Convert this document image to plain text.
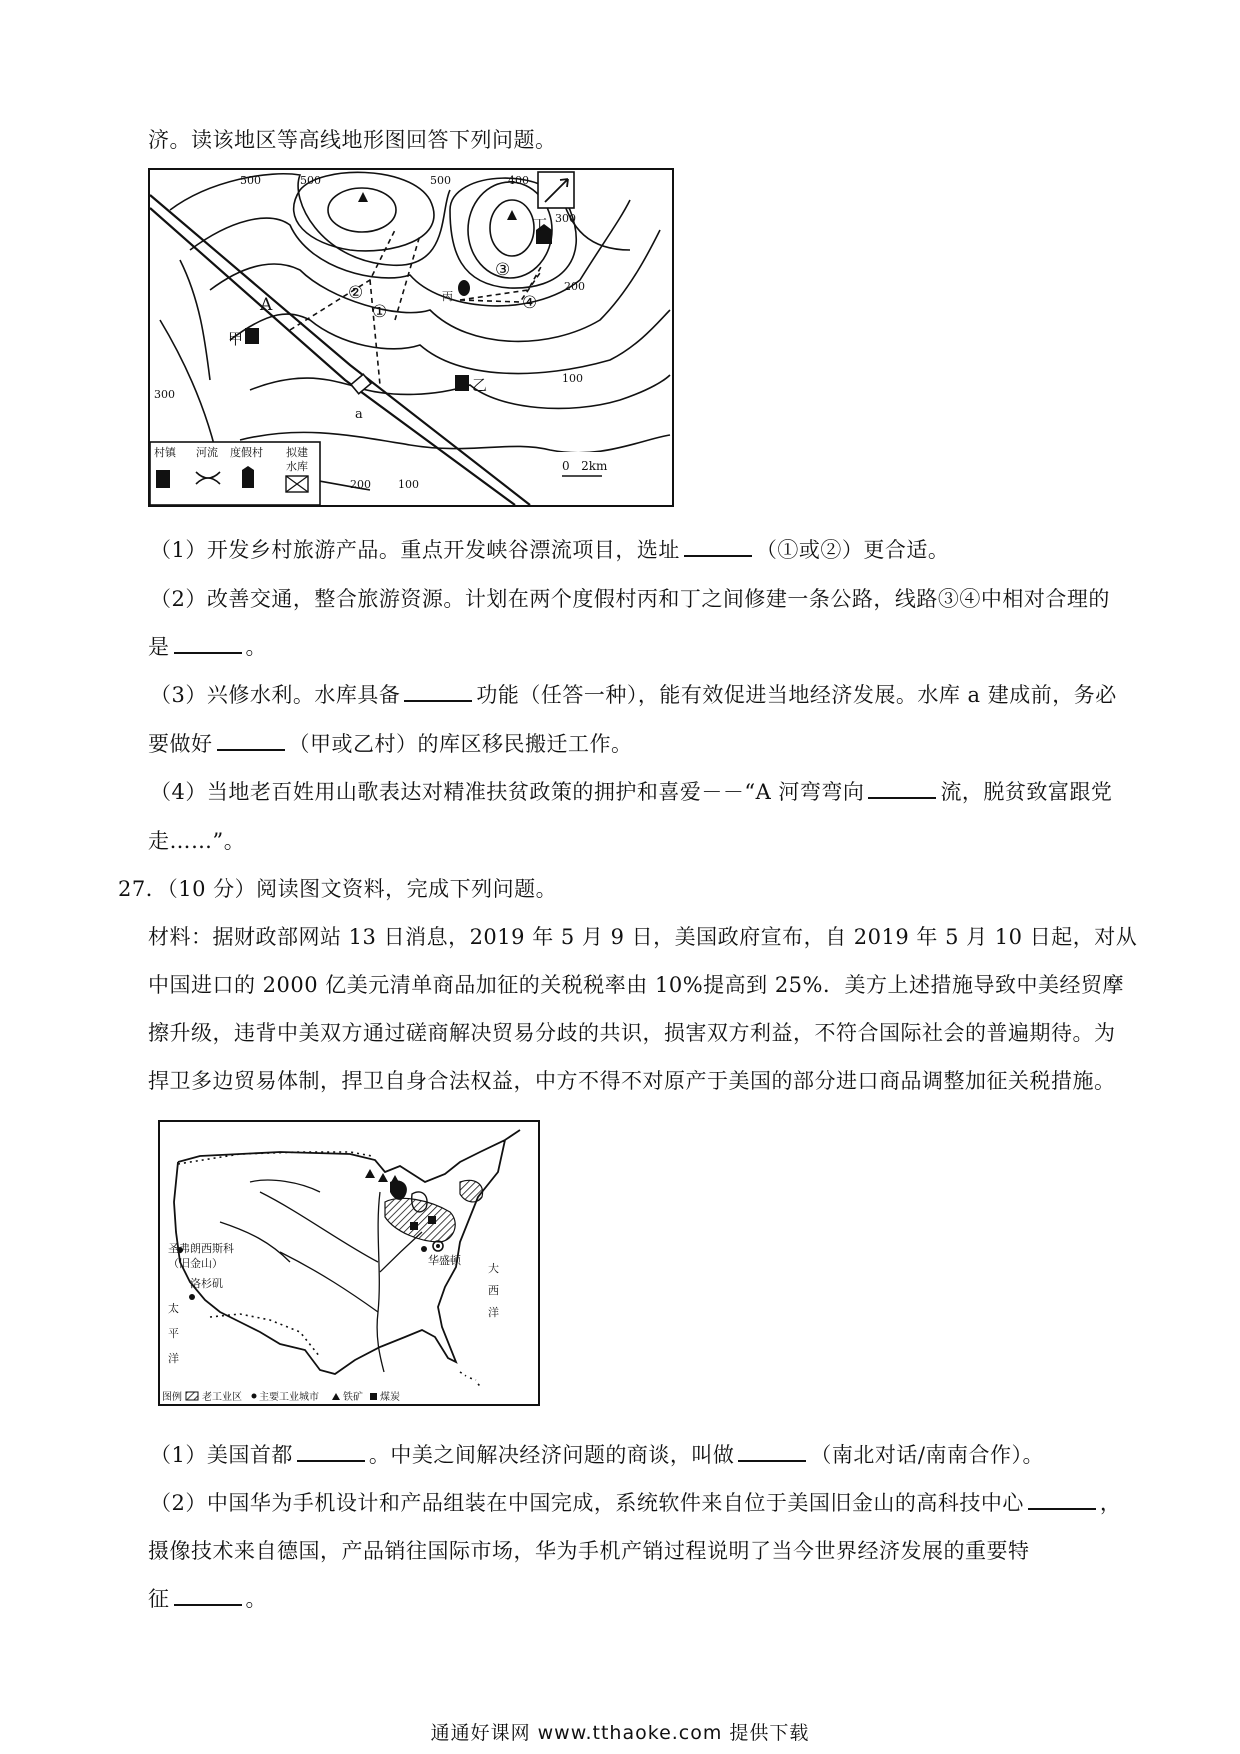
济。读该地区等高线地形图回答下列问题。
500	500	500	400
300
200
100
300
200 100
①
②
③
④
A
a
甲
乙
丙
丁
村镇 河流 度假村 拟建
水库	0   2km
（1）开发乡村旅游产品。重点开发峡谷漂流项目，选址	（①或②）更合适。
（2）改善交通，整合旅游资源。计划在两个度假村丙和丁之间修建一条公路，线路③④中相对合理的
是	。
（3）兴修水利。水库具备	功能（任答一种），能有效促进当地经济发展。水库 a 建成前，务必
要做好	（甲或乙村）的库区移民搬迁工作。
（4）当地老百姓用山歌表达对精准扶贫政策的拥护和喜爱－－“A 河弯弯向	流，脱贫致富跟党
走……”。
27．（10 分）阅读图文资料，完成下列问题。
材料：据财政部网站 13 日消息，2019 年 5 月 9 日，美国政府宣布，自 2019 年 5 月 10 日起，对从
中国进口的 2000 亿美元清单商品加征的关税税率由 10%提高到 25%．美方上述措施导致中美经贸摩
擦升级，违背中美双方通过磋商解决贸易分歧的共识，损害双方利益，不符合国际社会的普遍期待。为
捍卫多边贸易体制，捍卫自身合法权益，中方不得不对原产于美国的部分进口商品调整加征关税措施。
圣弗朗西斯科
（旧金山）
洛杉矶
华盛顿
太
平
洋
大
西
洋
图例 老工业区 主要工业城市 铁矿 煤炭
（1）美国首都	。中美之间解决经济问题的商谈，叫做	（南北对话/南南合作）。
（2）中国华为手机设计和产品组装在中国完成，系统软件来自位于美国旧金山的高科技中心	，
摄像技术来自德国，产品销往国际市场，华为手机产销过程说明了当今世界经济发展的重要特
征	。
通通好课网 www.tthaoke.com 提供下载
